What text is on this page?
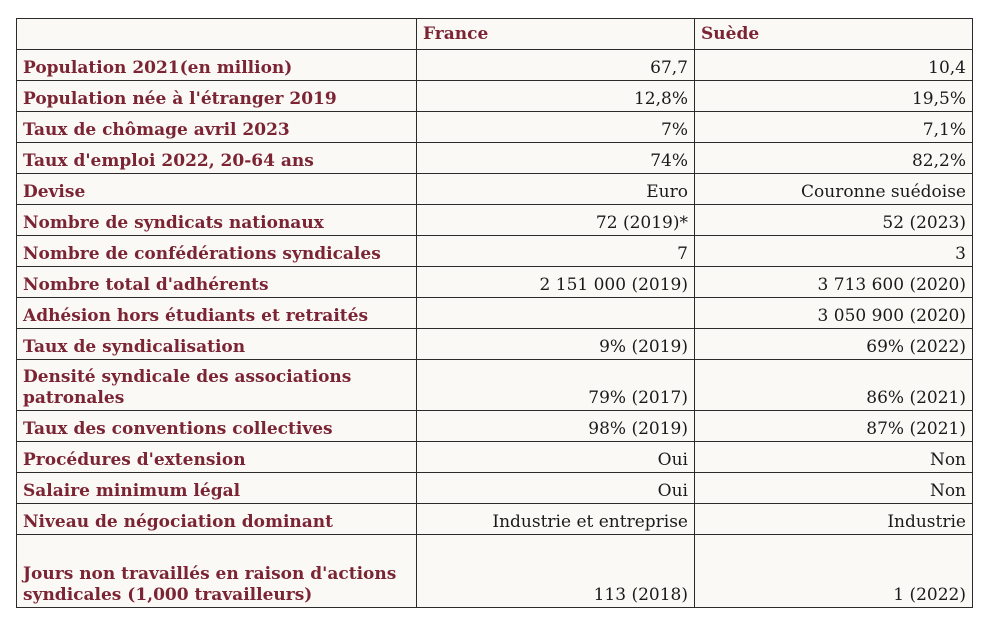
	France	Suède
Population 2021(en million)	67,7	10,4
Population née à l'étranger 2019	12,8%	19,5%
Taux de chômage avril 2023	7%	7,1%
Taux d'emploi 2022, 20-64 ans	74%	82,2%
Devise	Euro	Couronne suédoise
Nombre de syndicats nationaux	72 (2019)*	52 (2023)
Nombre de confédérations syndicales	7	3
Nombre total d'adhérents	2 151 000 (2019)	3 713 600 (2020)
Adhésion hors étudiants et retraités		3 050 900 (2020)
Taux de syndicalisation	9% (2019)	69% (2022)
Densité syndicale des associations patronales	79% (2017)	86% (2021)
Taux des conventions collectives	98% (2019)	87% (2021)
Procédures d'extension	Oui	Non
Salaire minimum légal	Oui	Non
Niveau de négociation dominant	Industrie et entreprise	Industrie
Jours non travaillés en raison d'actions syndicales (1,000 travailleurs)	113 (2018)	1 (2022)
